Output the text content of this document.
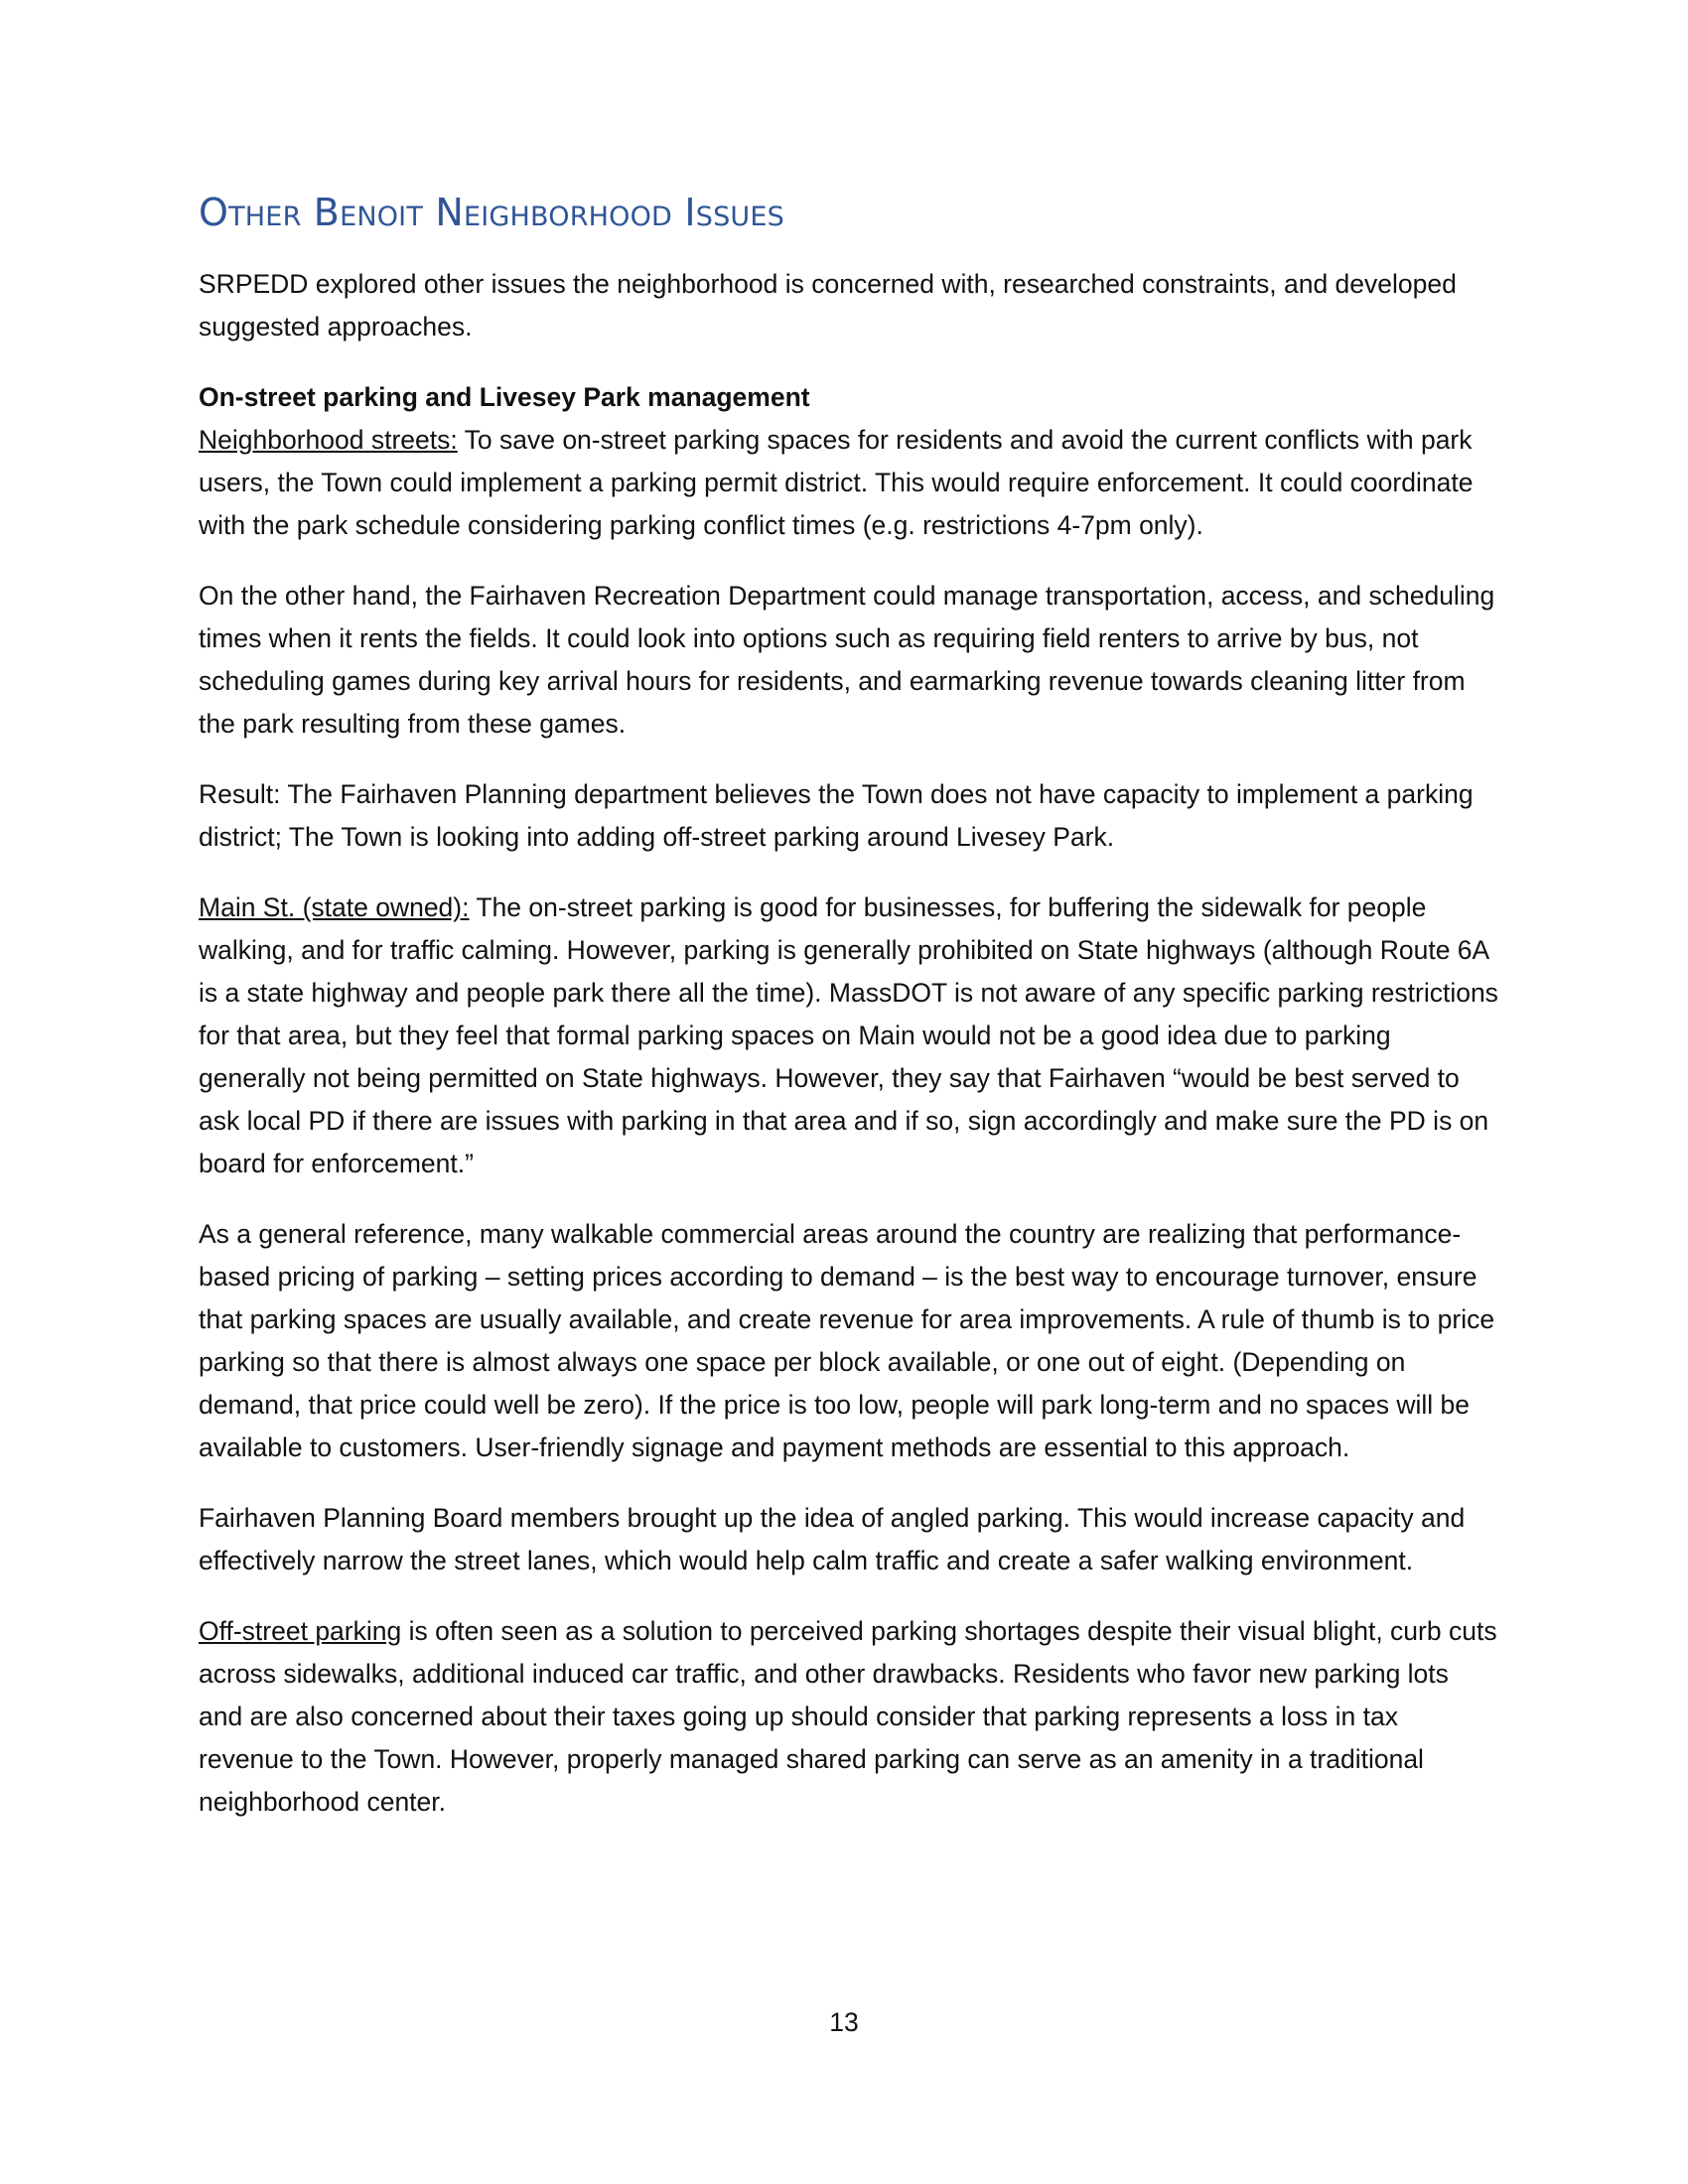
Other Benoit Neighborhood Issues

SRPEDD explored other issues the neighborhood is concerned with, researched constraints, and developed suggested approaches.

On-street parking and Livesey Park management
Neighborhood streets: To save on-street parking spaces for residents and avoid the current conflicts with park users, the Town could implement a parking permit district. This would require enforcement. It could coordinate with the park schedule considering parking conflict times (e.g. restrictions 4-7pm only).

On the other hand, the Fairhaven Recreation Department could manage transportation, access, and scheduling times when it rents the fields. It could look into options such as requiring field renters to arrive by bus, not scheduling games during key arrival hours for residents, and earmarking revenue towards cleaning litter from the park resulting from these games.

Result: The Fairhaven Planning department believes the Town does not have capacity to implement a parking district; The Town is looking into adding off-street parking around Livesey Park.

Main St. (state owned): The on-street parking is good for businesses, for buffering the sidewalk for people walking, and for traffic calming. However, parking is generally prohibited on State highways (although Route 6A is a state highway and people park there all the time). MassDOT is not aware of any specific parking restrictions for that area, but they feel that formal parking spaces on Main would not be a good idea due to parking generally not being permitted on State highways. However, they say that Fairhaven “would be best served to ask local PD if there are issues with parking in that area and if so, sign accordingly and make sure the PD is on board for enforcement.”

As a general reference, many walkable commercial areas around the country are realizing that performance-based pricing of parking – setting prices according to demand – is the best way to encourage turnover, ensure that parking spaces are usually available, and create revenue for area improvements. A rule of thumb is to price parking so that there is almost always one space per block available, or one out of eight. (Depending on demand, that price could well be zero). If the price is too low, people will park long-term and no spaces will be available to customers. User-friendly signage and payment methods are essential to this approach.

Fairhaven Planning Board members brought up the idea of angled parking. This would increase capacity and effectively narrow the street lanes, which would help calm traffic and create a safer walking environment.

Off-street parking is often seen as a solution to perceived parking shortages despite their visual blight, curb cuts across sidewalks, additional induced car traffic, and other drawbacks. Residents who favor new parking lots and are also concerned about their taxes going up should consider that parking represents a loss in tax revenue to the Town. However, properly managed shared parking can serve as an amenity in a traditional neighborhood center.

13
